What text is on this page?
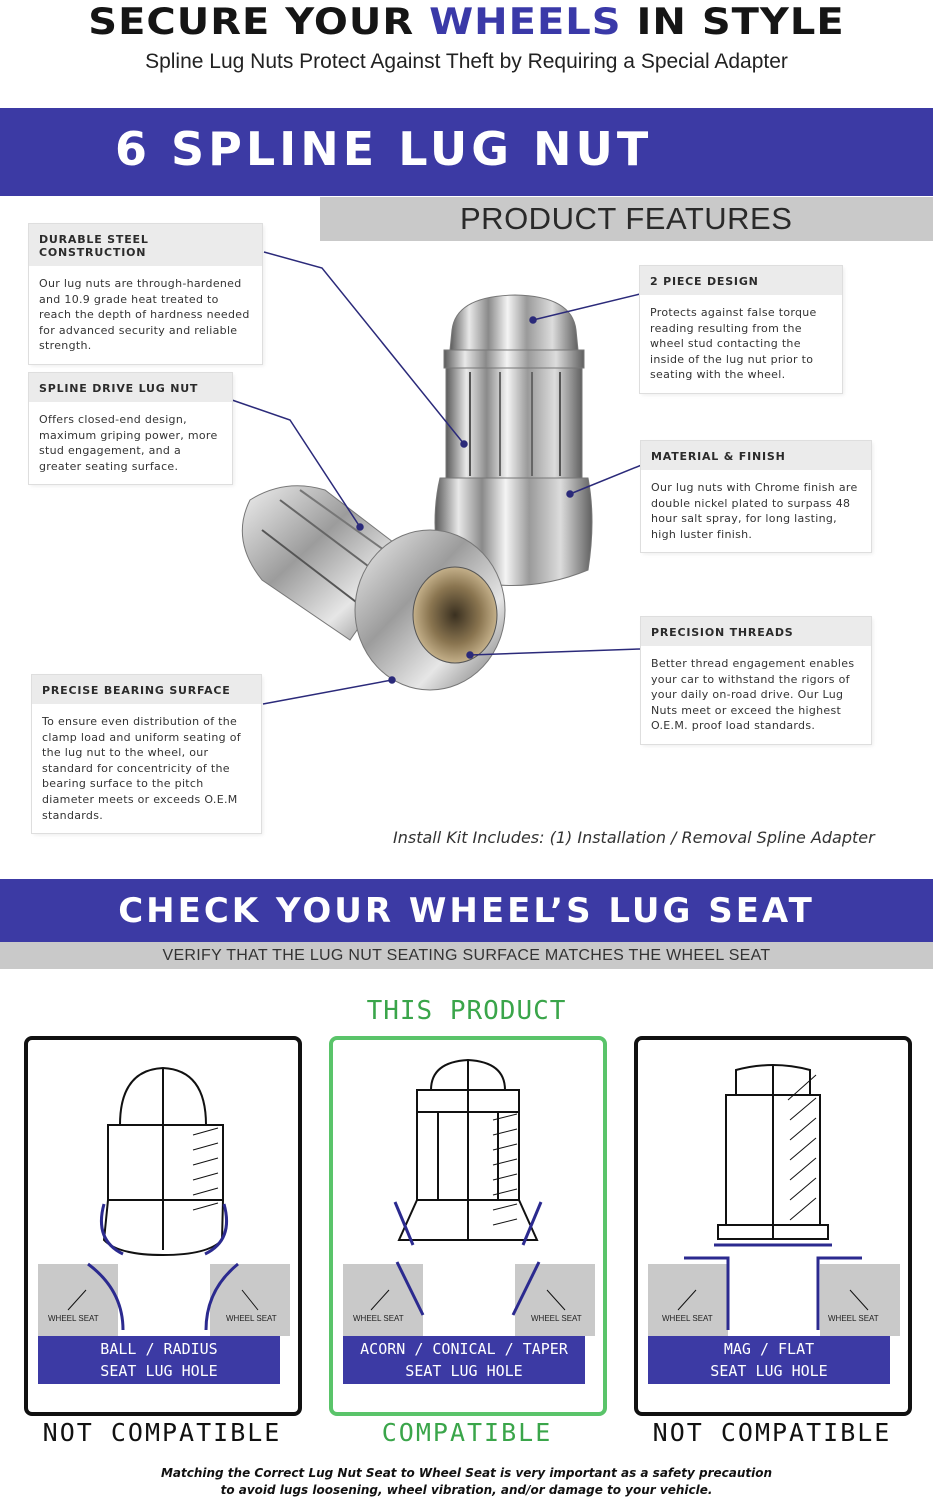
SECURE YOUR WHEELS IN STYLE
Spline Lug Nuts Protect Against Theft by Requiring a Special Adapter
6 SPLINE LUG NUT
PRODUCT FEATURES
DURABLE STEEL CONSTRUCTION
Our lug nuts are through-hardened and 10.9 grade heat treated to reach the depth of hardness needed for advanced security and reliable strength.
SPLINE DRIVE LUG NUT
Offers closed-end design, maximum griping power, more stud engagement, and a greater seating surface.
PRECISE BEARING SURFACE
To ensure even distribution of the clamp load and uniform seating of the lug nut to the wheel, our standard for concentricity of the bearing surface to the pitch diameter meets or exceeds O.E.M standards.
2 PIECE DESIGN
Protects against false torque reading resulting from the wheel stud contacting the inside of the lug nut prior to seating with the wheel.
MATERIAL & FINISH
Our lug nuts with Chrome finish are double nickel plated to surpass 48 hour salt spray, for long lasting, high luster finish.
PRECISION THREADS
Better thread engagement enables your car to withstand the rigors of your daily on-road drive. Our Lug Nuts meet or exceed the highest O.E.M. proof load standards.
Install Kit Includes: (1) Installation / Removal Spline Adapter
CHECK YOUR WHEEL’S LUG SEAT
VERIFY THAT THE LUG NUT SEATING SURFACE MATCHES THE WHEEL SEAT
THIS PRODUCT
WHEEL SEAT	WHEEL SEAT
BALL / RADIUS
SEAT LUG HOLE
WHEEL SEAT	WHEEL SEAT
ACORN / CONICAL / TAPER
SEAT LUG HOLE
WHEEL SEAT	WHEEL SEAT
MAG / FLAT
SEAT LUG HOLE
NOT COMPATIBLE	COMPATIBLE	NOT COMPATIBLE
Matching the Correct Lug Nut Seat to Wheel Seat is very important as a safety precaution
to avoid lugs loosening, wheel vibration, and/or damage to your vehicle.
